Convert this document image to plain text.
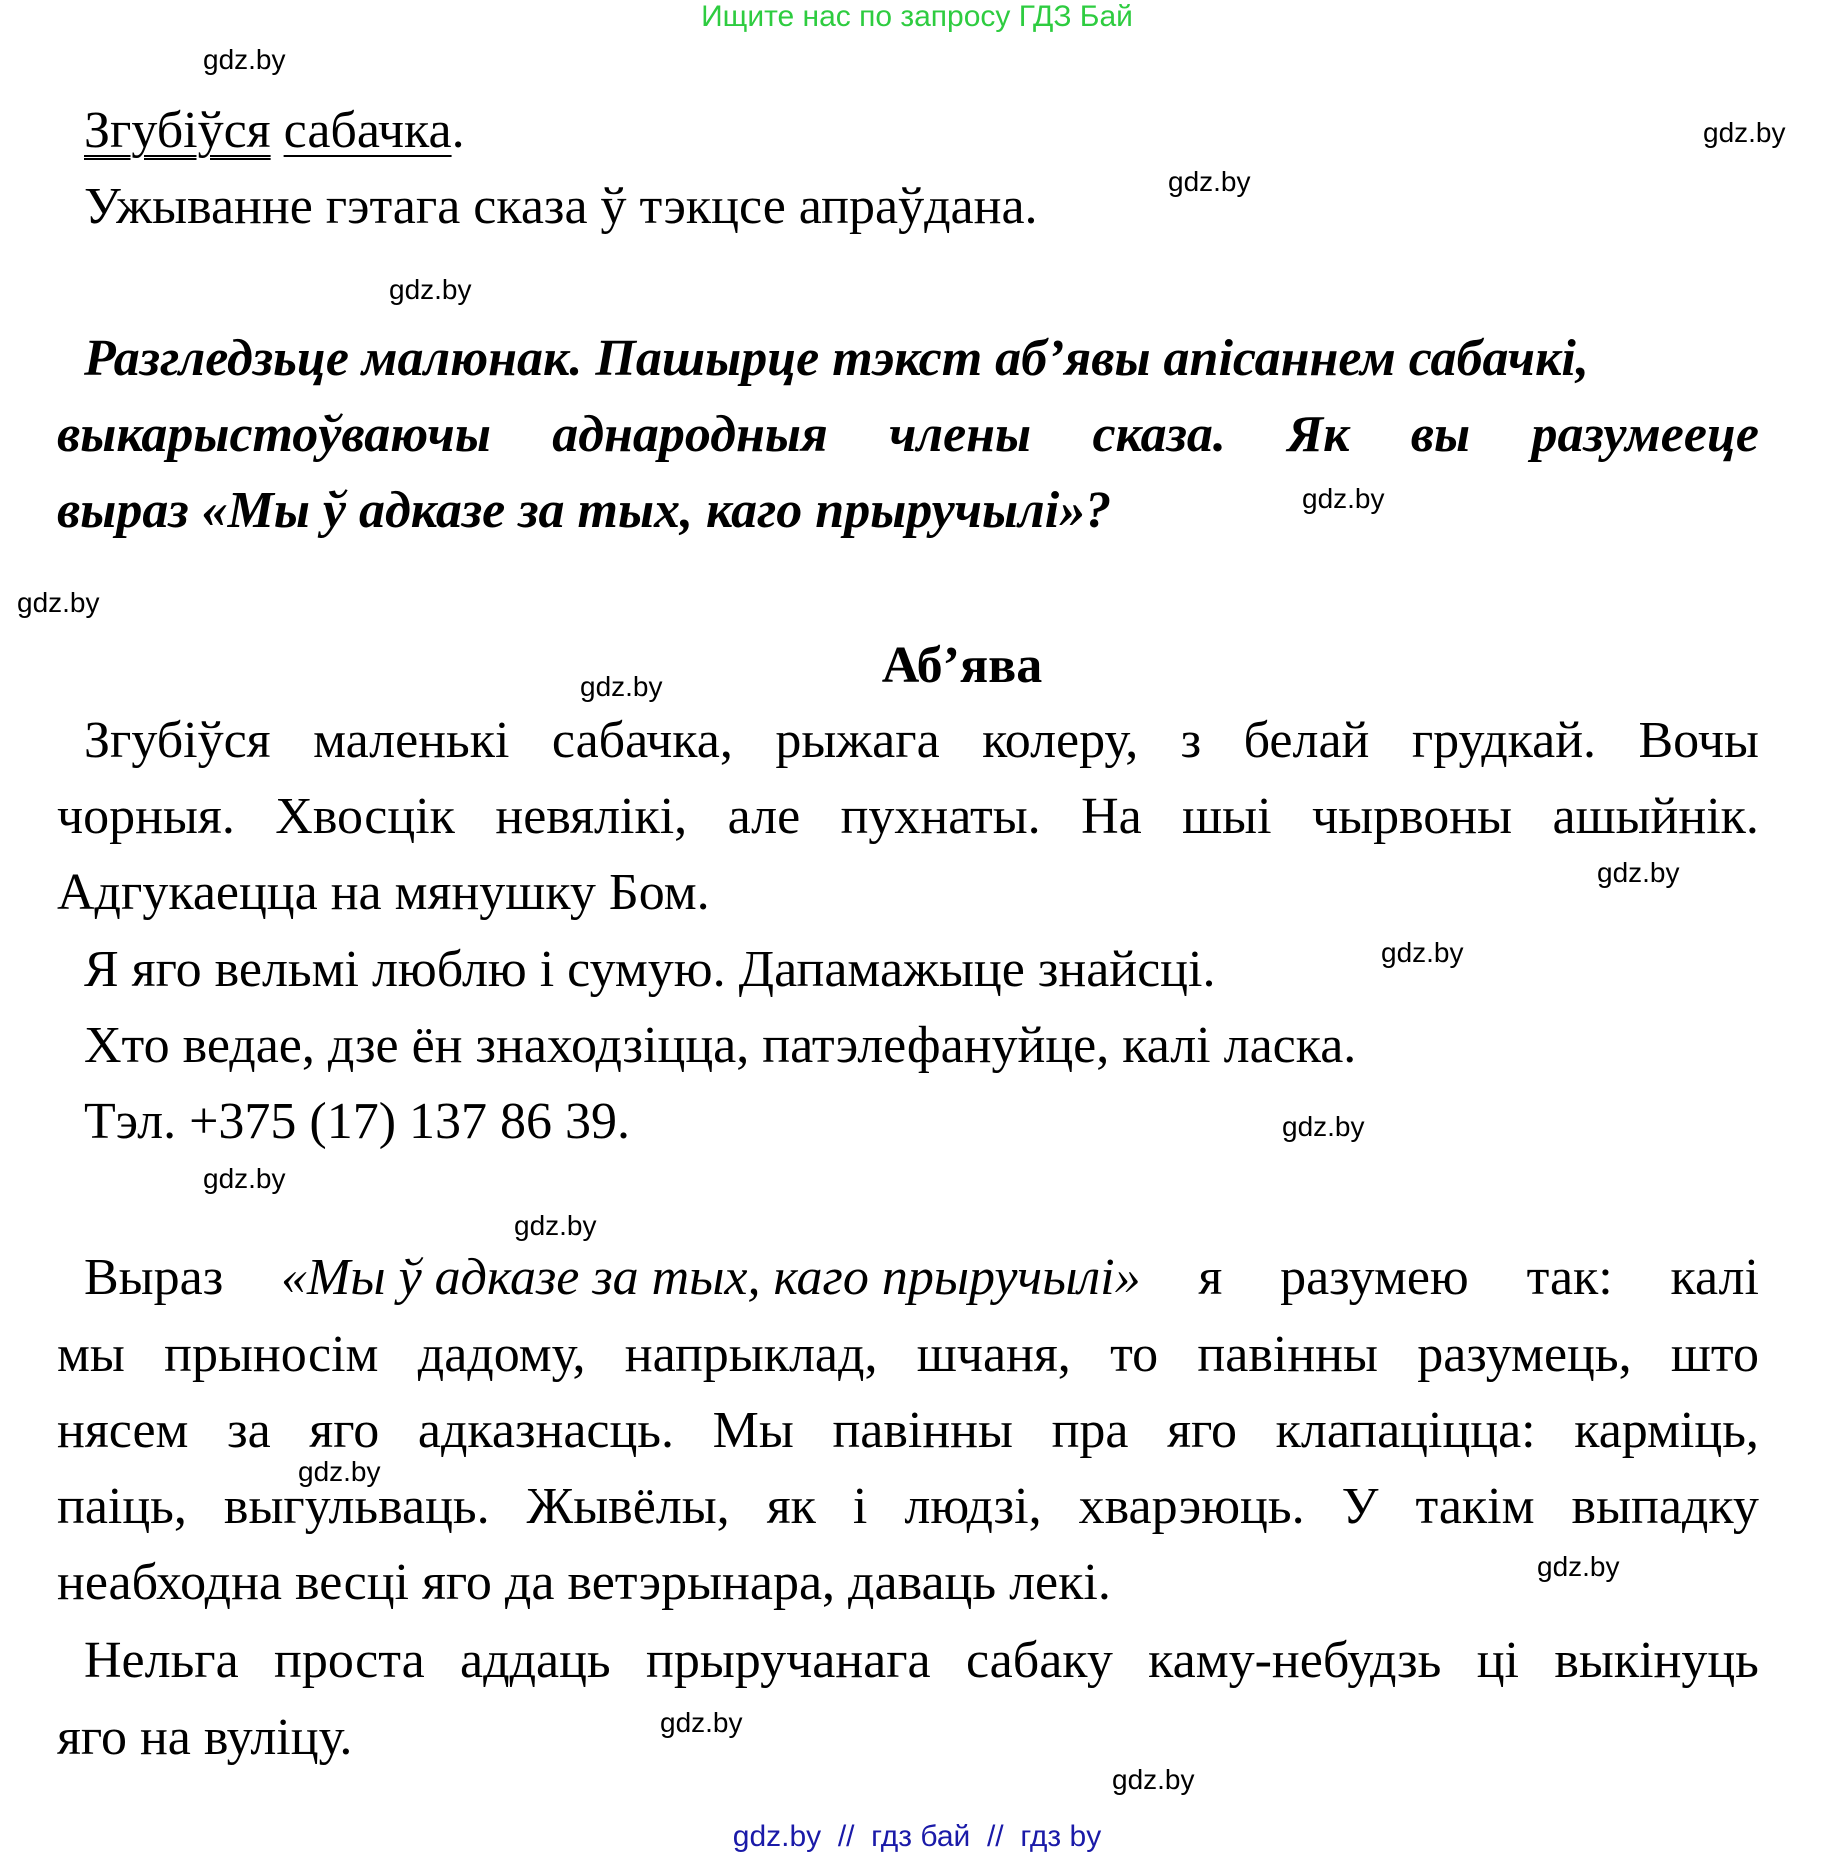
Ищите нас по запросу ГДЗ Бай
gdz.by
gdz.by
gdz.by
gdz.by
gdz.by
gdz.by
gdz.by
gdz.by
gdz.by
gdz.by
gdz.by
gdz.by
gdz.by
gdz.by
gdz.by
gdz.by
Згубіўся сабачка.
Ужыванне гэтага сказа ў тэкцсе апраўдана.
Разгледзьце малюнак. Пашырце тэкст аб’явы апісаннем сабачкі,
выкарыстоўваючы аднародныя члены сказа. Як вы разумееце
выраз «Мы ў адказе за тых, каго прыручылі»?
Аб’ява
Згубіўся маленькі сабачка, рыжага колеру, з белай грудкай. Вочы
чорныя. Хвосцік невялікі, але пухнаты. На шыі чырвоны ашыйнік.
Адгукаецца на мянушку Бом.
Я яго вельмі люблю і сумую. Дапамажыце знайсці.
Хто ведае, дзе ён знаходзіцца, патэлефануйце, калі ласка.
Тэл. +375 (17) 137 86 39.
Выраз «Мы ў адказе за тых, каго прыручылі» я разумею так: калі
мы прыносім дадому, напрыклад, шчаня, то павінны разумець, што
нясем за яго адказнасць. Мы павінны пра яго клапаціцца: карміць,
паіць, выгульваць. Жывёлы, як і людзі, хварэюць. У такім выпадку
неабходна весці яго да ветэрынара, даваць лекі.
Нельга проста аддаць прыручанага сабаку каму-небудзь ці выкінуць
яго на вуліцу.
gdz.by  //  гдз бай  //  гдз by
